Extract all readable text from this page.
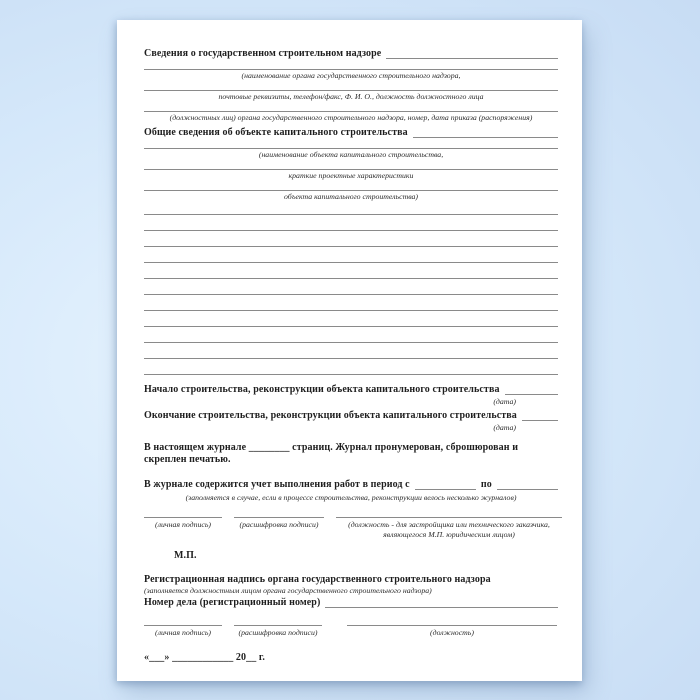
Сведения о государственном строительном надзоре
(наименование органа государственного строительного надзора,
почтовые реквизиты, телефон/факс, Ф. И. О., должность должностного лица
(должностных лиц) органа государственного строительного надзора, номер, дата приказа (распоряжения)
Общие сведения об объекте капитального строительства
(наименование объекта капитального строительства,
краткие проектные характеристики
объекта капитального строительства)
Начало строительства, реконструкции объекта капитального строительства
(дата)
Окончание строительства, реконструкции объекта капитального строительства
(дата)
В настоящем журнале ________ страниц. Журнал пронумерован, сброшюрован и скреплен печатью.
В журнале содержится учет выполнения работ в период с	по
(заполняется в случае, если в процессе строительства, реконструкции велось несколько журналов)
(личная подпись)	(расшифровка подписи)	(должность - для застройщика или технического заказчика, являющегося М.П. юридическим лицом)
М.П.
Регистрационная надпись органа государственного строительного надзора
(заполняется должностным лицом органа государственного строительного надзора)
Номер дела (регистрационный номер)
(личная подпись)	(расшифровка подписи)	(должность)
«___» ____________ 20__ г.
